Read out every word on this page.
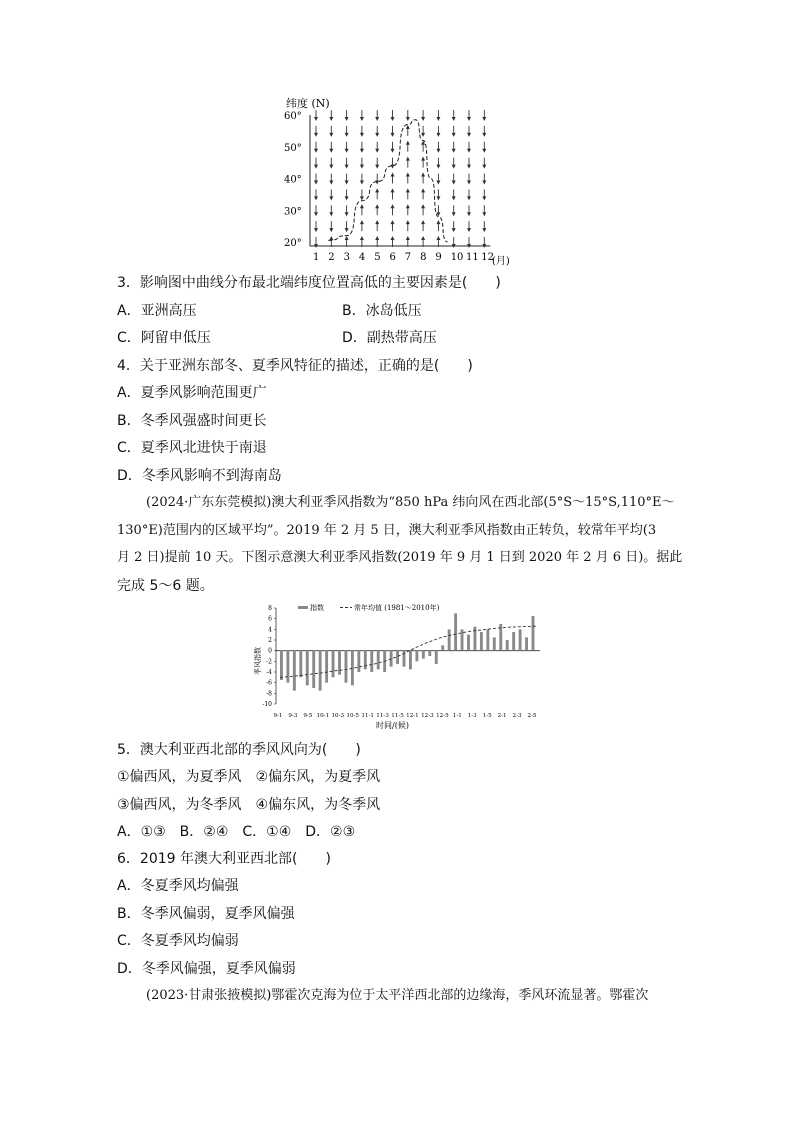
纬度 (N)
60°
50°
40°
30°
20°
1 2 3 4 5 6 7 8 9 10 11 12
(月)
3．影响图中曲线分布最北端纬度位置高低的主要因素是(　　)
A．亚洲高压	B．冰岛低压
C．阿留申低压	D．副热带高压
4．关于亚洲东部冬、夏季风特征的描述，正确的是(　　)
A．夏季风影响范围更广
B．冬季风强盛时间更长
C．夏季风北进快于南退
D．冬季风影响不到海南岛
(2024·广东东莞模拟)澳大利亚季风指数为“850 hPa 纬向风在西北部(5°S～15°S,110°E～
130°E)范围内的区域平均”。2019 年 2 月 5 日，澳大利亚季风指数由正转负，较常年平均(3
月 2 日)提前 10 天。下图示意澳大利亚季风指数(2019 年 9 月 1 日到 2020 年 2 月 6 日)。据此
完成 5～6 题。
指数	常年均值 (1981～2010年)
季风指数
8
6
4
2
0
-2
-4
-6
-8
-10
9-1 9-3 9-5 10-1 10-3 10-5 11-1 11-3 11-5 12-1 12-3 12-5 1-1 1-3 1-5 2-1 2-3 2-5
时间/(候)
5．澳大利亚西北部的季风风向为(　　)
①偏西风，为夏季风　②偏东风，为夏季风
③偏西风，为冬季风　④偏东风，为冬季风
A．①③　B．②④　C．①④　D．②③
6．2019 年澳大利亚西北部(　　)
A．冬夏季风均偏强
B．冬季风偏弱，夏季风偏强
C．冬夏季风均偏弱
D．冬季风偏强，夏季风偏弱
(2023·甘肃张掖模拟)鄂霍次克海为位于太平洋西北部的边缘海，季风环流显著。鄂霍次
